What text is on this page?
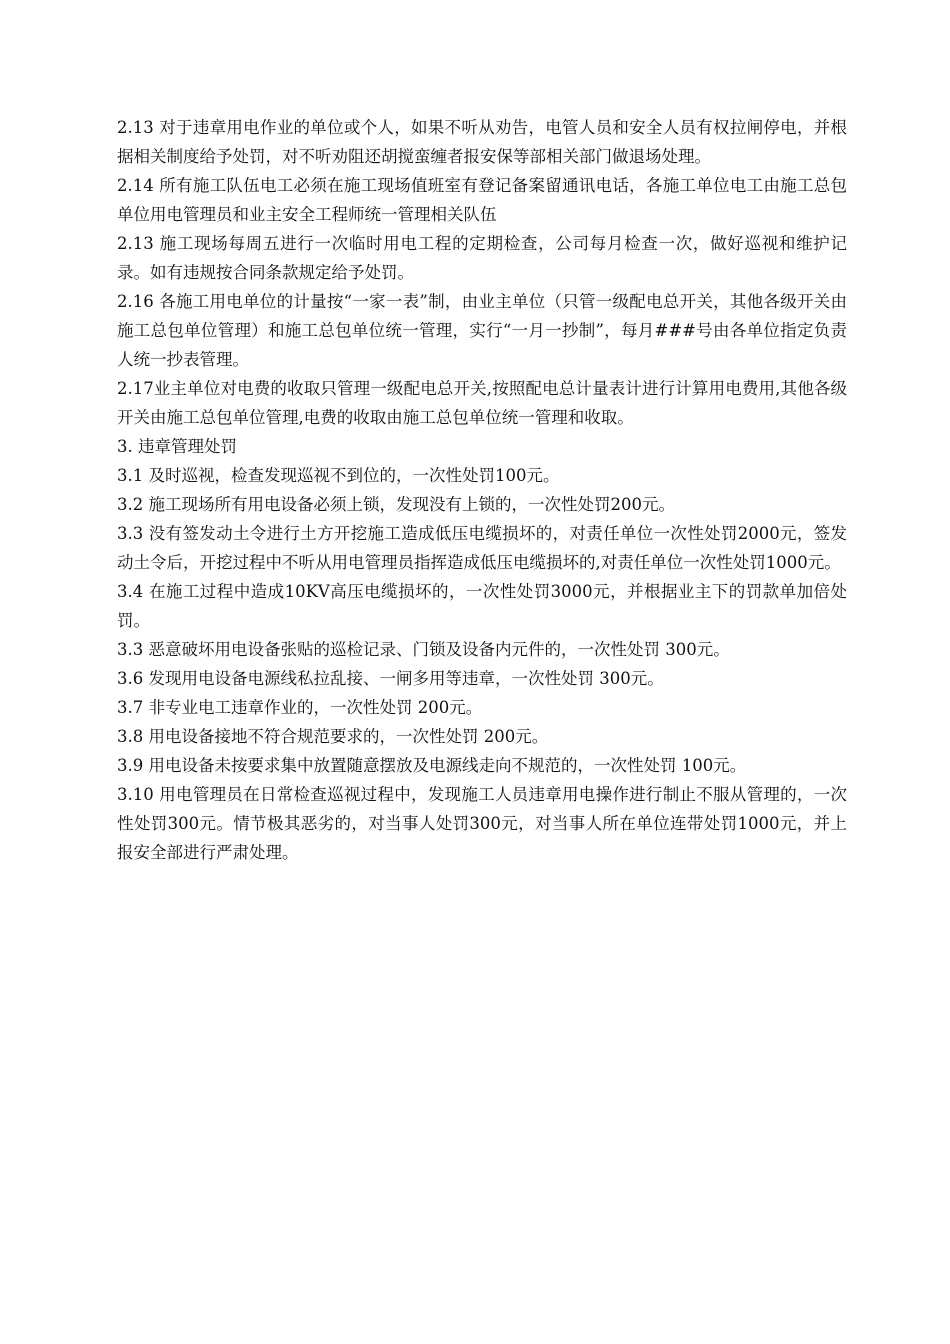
2.13 对于违章用电作业的单位或个人，如果不听从劝告，电管人员和安全人员有权拉闸停电，并根据相关制度给予处罚，对不听劝阻还胡搅蛮缠者报安保等部相关部门做退场处理。

2.14 所有施工队伍电工必须在施工现场值班室有登记备案留通讯电话，各施工单位电工由施工总包单位用电管理员和业主安全工程师统一管理相关队伍

2.13 施工现场每周五进行一次临时用电工程的定期检查，公司每月检查一次，做好巡视和维护记录。如有违规按合同条款规定给予处罚。

2.16 各施工用电单位的计量按“一家一表”制，由业主单位（只管一级配电总开关，其他各级开关由施工总包单位管理）和施工总包单位统一管理，实行“一月一抄制”，每月###号由各单位指定负责人统一抄表管理。

2.17业主单位对电费的收取只管理一级配电总开关,按照配电总计量表计进行计算用电费用,其他各级开关由施工总包单位管理,电费的收取由施工总包单位统一管理和收取。

3. 违章管理处罚

3.1 及时巡视，检查发现巡视不到位的，一次性处罚100元。

3.2 施工现场所有用电设备必须上锁，发现没有上锁的，一次性处罚200元。

3.3 没有签发动土令进行土方开挖施工造成低压电缆损坏的，对责任单位一次性处罚2000元，签发动土令后，开挖过程中不听从用电管理员指挥造成低压电缆损坏的,对责任单位一次性处罚1000元。

3.4 在施工过程中造成10KV高压电缆损坏的，一次性处罚3000元，并根据业主下的罚款单加倍处罚。

3.3 恶意破坏用电设备张贴的巡检记录、门锁及设备内元件的，一次性处罚 300元。

3.6 发现用电设备电源线私拉乱接、一闸多用等违章，一次性处罚 300元。

3.7 非专业电工违章作业的，一次性处罚 200元。

3.8 用电设备接地不符合规范要求的，一次性处罚 200元。

3.9 用电设备未按要求集中放置随意摆放及电源线走向不规范的，一次性处罚 100元。

3.10 用电管理员在日常检查巡视过程中，发现施工人员违章用电操作进行制止不服从管理的，一次性处罚300元。情节极其恶劣的，对当事人处罚300元，对当事人所在单位连带处罚1000元，并上报安全部进行严肃处理。
